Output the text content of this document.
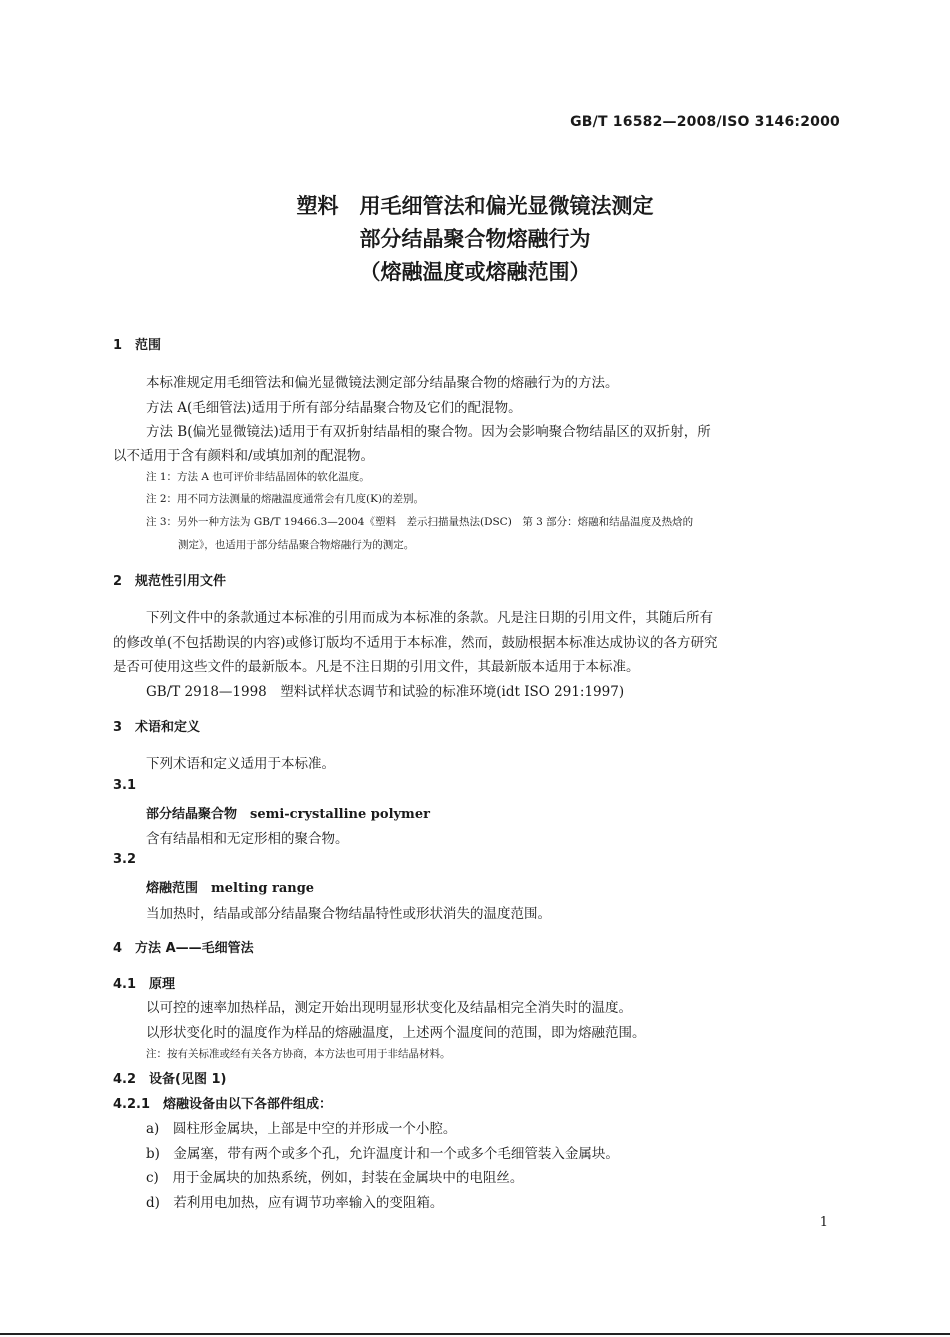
GB/T 16582—2008/ISO 3146:2000
塑料　用毛细管法和偏光显微镜法测定
部分结晶聚合物熔融行为
（熔融温度或熔融范围）
1　范围
本标准规定用毛细管法和偏光显微镜法测定部分结晶聚合物的熔融行为的方法。
方法 A(毛细管法)适用于所有部分结晶聚合物及它们的配混物。
方法 B(偏光显微镜法)适用于有双折射结晶相的聚合物。因为会影响聚合物结晶区的双折射，所
以不适用于含有颜料和/或填加剂的配混物。
注 1：方法 A 也可评价非结晶固体的软化温度。
注 2：用不同方法测量的熔融温度通常会有几度(K)的差别。
注 3：另外一种方法为 GB/T 19466.3—2004《塑料　差示扫描量热法(DSC)　第 3 部分：熔融和结晶温度及热焓的
测定》，也适用于部分结晶聚合物熔融行为的测定。
2　规范性引用文件
下列文件中的条款通过本标准的引用而成为本标准的条款。凡是注日期的引用文件，其随后所有
的修改单(不包括勘误的内容)或修订版均不适用于本标准，然而，鼓励根据本标准达成协议的各方研究
是否可使用这些文件的最新版本。凡是不注日期的引用文件，其最新版本适用于本标准。
GB/T 2918—1998　塑料试样状态调节和试验的标准环境(idt ISO 291:1997)
3　术语和定义
下列术语和定义适用于本标准。
3.1
部分结晶聚合物　semi-crystalline polymer
含有结晶相和无定形相的聚合物。
3.2
熔融范围　melting range
当加热时，结晶或部分结晶聚合物结晶特性或形状消失的温度范围。
4　方法 A——毛细管法
4.1　原理
以可控的速率加热样品，测定开始出现明显形状变化及结晶相完全消失时的温度。
以形状变化时的温度作为样品的熔融温度，上述两个温度间的范围，即为熔融范围。
注：按有关标准或经有关各方协商，本方法也可用于非结晶材料。
4.2　设备(见图 1)
4.2.1　熔融设备由以下各部件组成：
a)　圆柱形金属块，上部是中空的并形成一个小腔。
b)　金属塞，带有两个或多个孔，允许温度计和一个或多个毛细管装入金属块。
c)　用于金属块的加热系统，例如，封装在金属块中的电阻丝。
d)　若利用电加热，应有调节功率输入的变阻箱。
1
